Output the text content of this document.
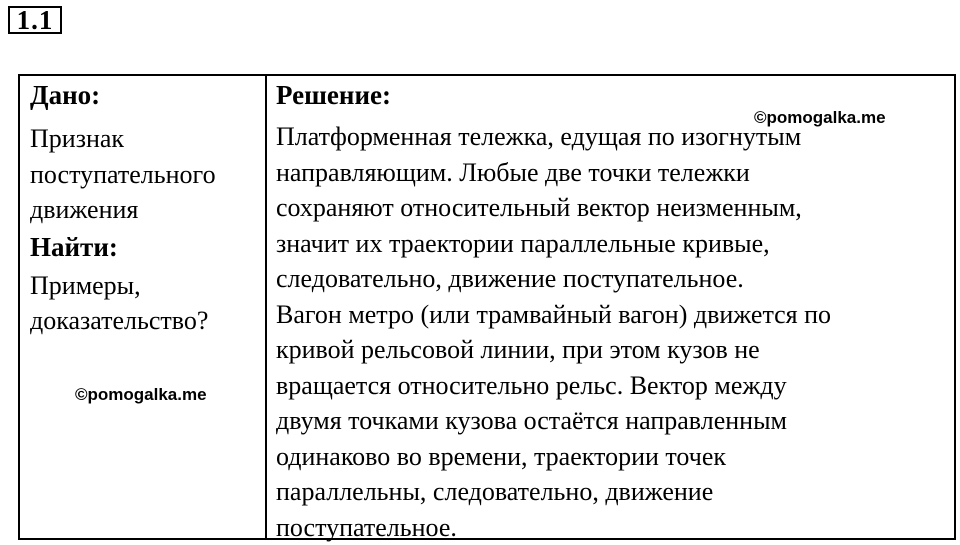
1.1
Дано:
Признак
поступательного
движения
Найти:
Примеры,
доказательство?
Решение:
Платформенная тележка, едущая по изогнутым
направляющим. Любые две точки тележки
сохраняют относительный вектор неизменным,
значит их траектории параллельные кривые,
следовательно, движение поступательное.
Вагон метро (или трамвайный вагон) движется по
кривой рельсовой линии, при этом кузов не
вращается относительно рельс. Вектор между
двумя точками кузова остаётся направленным
одинаково во времени, траектории точек
параллельны, следовательно, движение
поступательное.
©pomogalka.me
©pomogalka.me
